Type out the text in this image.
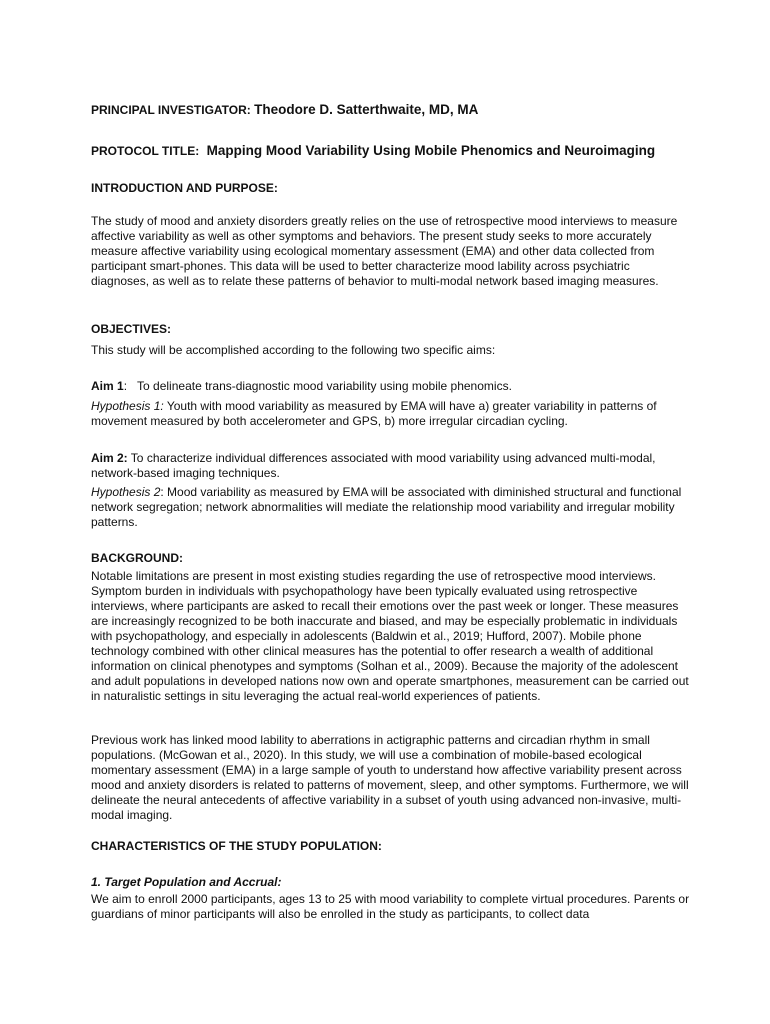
PRINCIPAL INVESTIGATOR: Theodore D. Satterthwaite, MD, MA
PROTOCOL TITLE: Mapping Mood Variability Using Mobile Phenomics and Neuroimaging
INTRODUCTION AND PURPOSE:
The study of mood and anxiety disorders greatly relies on the use of retrospective mood interviews to measure affective variability as well as other symptoms and behaviors. The present study seeks to more accurately measure affective variability using ecological momentary assessment (EMA) and other data collected from participant smart-phones. This data will be used to better characterize mood lability across psychiatric diagnoses, as well as to relate these patterns of behavior to multi-modal network based imaging measures.
OBJECTIVES:
This study will be accomplished according to the following two specific aims:
Aim 1: To delineate trans-diagnostic mood variability using mobile phenomics.
Hypothesis 1: Youth with mood variability as measured by EMA will have a) greater variability in patterns of movement measured by both accelerometer and GPS, b) more irregular circadian cycling.
Aim 2: To characterize individual differences associated with mood variability using advanced multi-modal, network-based imaging techniques.
Hypothesis 2: Mood variability as measured by EMA will be associated with diminished structural and functional network segregation; network abnormalities will mediate the relationship mood variability and irregular mobility patterns.
BACKGROUND:
Notable limitations are present in most existing studies regarding the use of retrospective mood interviews. Symptom burden in individuals with psychopathology have been typically evaluated using retrospective interviews, where participants are asked to recall their emotions over the past week or longer. These measures are increasingly recognized to be both inaccurate and biased, and may be especially problematic in individuals with psychopathology, and especially in adolescents (Baldwin et al., 2019; Hufford, 2007). Mobile phone technology combined with other clinical measures has the potential to offer research a wealth of additional information on clinical phenotypes and symptoms (Solhan et al., 2009). Because the majority of the adolescent and adult populations in developed nations now own and operate smartphones, measurement can be carried out in naturalistic settings in situ leveraging the actual real-world experiences of patients.
Previous work has linked mood lability to aberrations in actigraphic patterns and circadian rhythm in small populations. (McGowan et al., 2020). In this study, we will use a combination of mobile-based ecological momentary assessment (EMA) in a large sample of youth to understand how affective variability present across mood and anxiety disorders is related to patterns of movement, sleep, and other symptoms. Furthermore, we will delineate the neural antecedents of affective variability in a subset of youth using advanced non-invasive, multi-modal imaging.
CHARACTERISTICS OF THE STUDY POPULATION:
1. Target Population and Accrual:
We aim to enroll 2000 participants, ages 13 to 25 with mood variability to complete virtual procedures. Parents or guardians of minor participants will also be enrolled in the study as participants, to collect data
